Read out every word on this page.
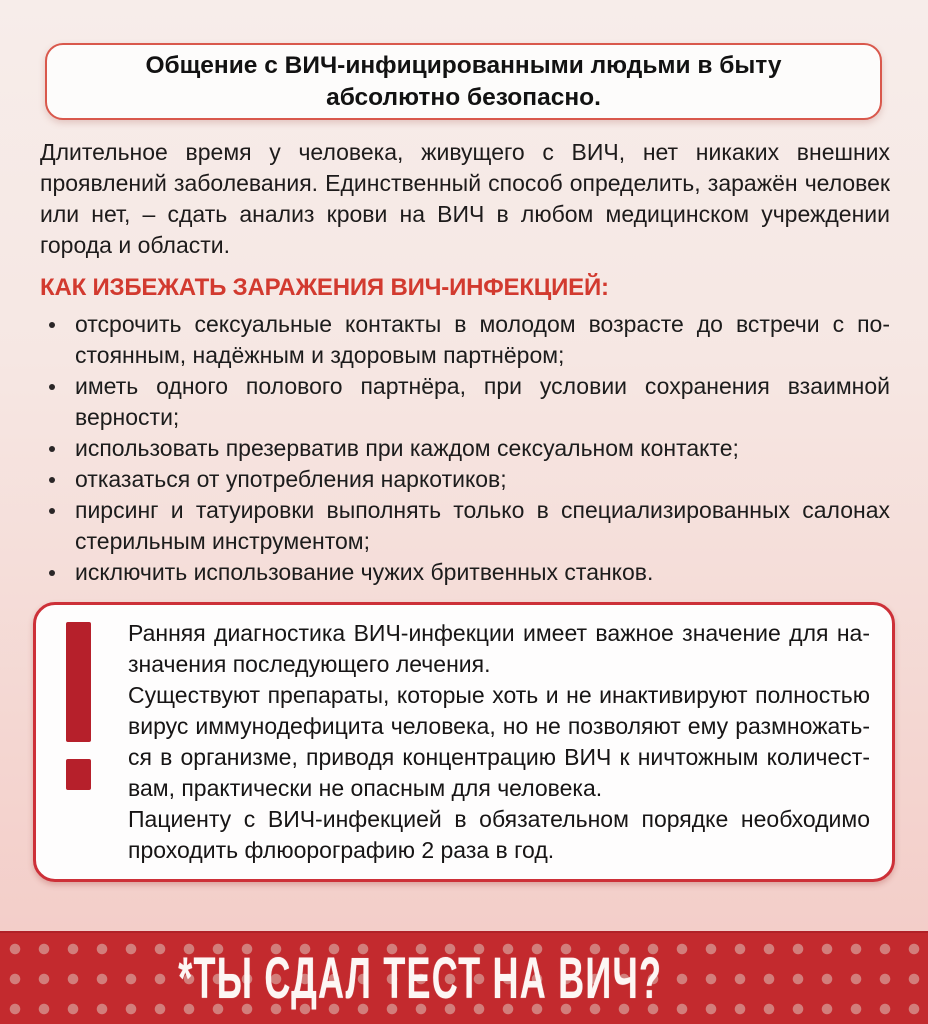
Общение с ВИЧ-инфицированными людьми в быту
абсолютно безопасно.

Длительное время у человека, живущего с ВИЧ, нет никаких внешних проявлений заболевания. Единственный способ определить, заражён человек или нет, – сдать анализ крови на ВИЧ в любом медицинском учреждении города и области.

КАК ИЗБЕЖАТЬ ЗАРАЖЕНИЯ ВИЧ-ИНФЕКЦИЕЙ:
отсрочить сексуальные контакты в молодом возрасте до встречи с постоянным, надёжным и здоровым партнёром;
иметь одного полового партнёра, при условии сохранения взаимной верности;
использовать презерватив при каждом сексуальном контакте;
отказаться от употребления наркотиков;
пирсинг и татуировки выполнять только в специализированных салонах стерильным инструментом;
исключить использование чужих бритвенных станков.

Ранняя диагностика ВИЧ-инфекции имеет важное значение для назначения последующего лечения.

Существуют препараты, которые хоть и не инактивируют полностью вирус иммунодефицита человека, но не позволяют ему размножаться в организме, приводя концентрацию ВИЧ к ничтожным количествам, практически не опасным для человека.

Пациенту с ВИЧ-инфекцией в обязательном порядке необходимо проходить флюорографию 2 раза в год.

*ТЫ СДАЛ ТЕСТ НА ВИЧ?
